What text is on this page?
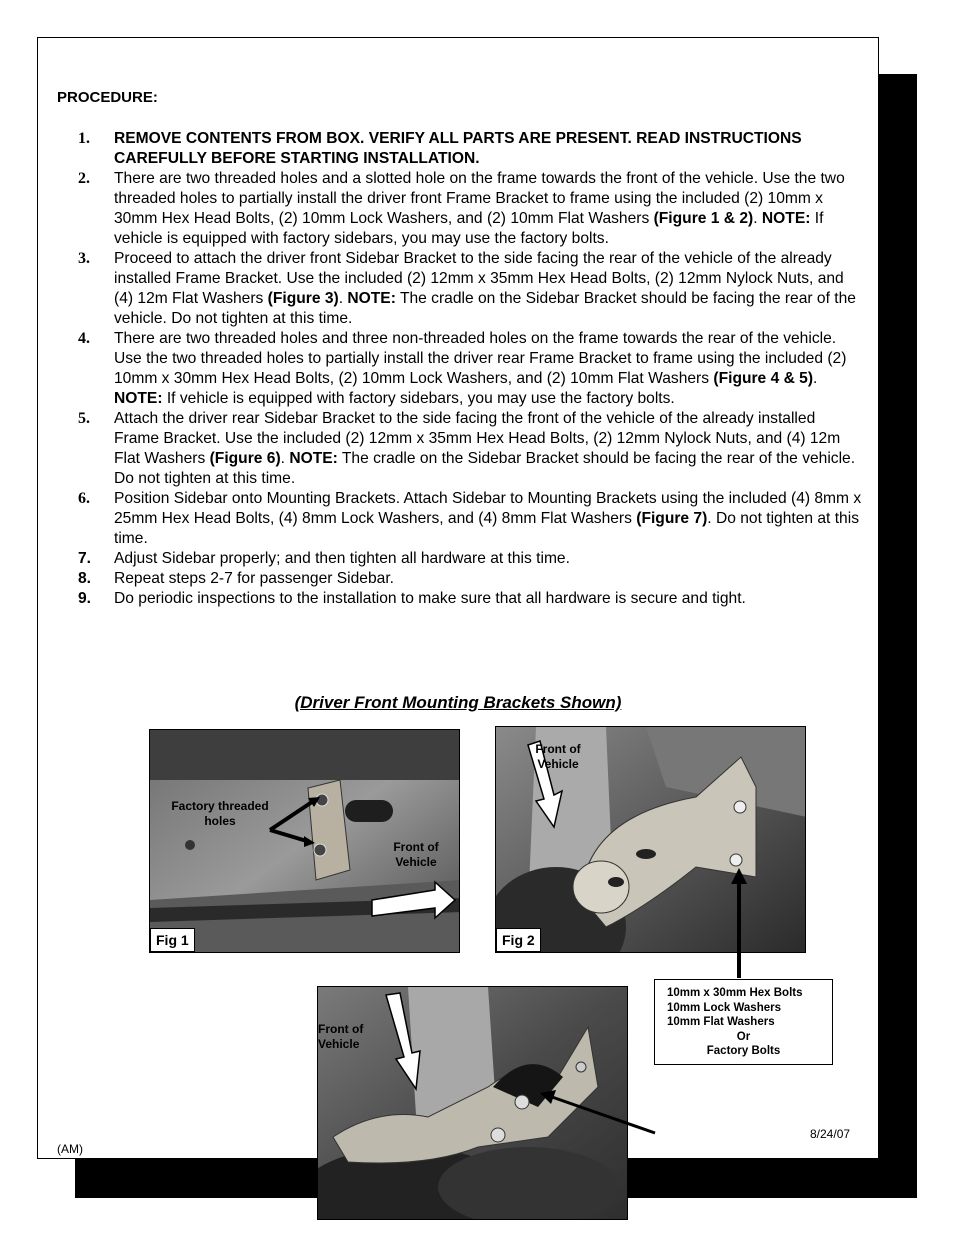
PROCEDURE:
1.	REMOVE CONTENTS FROM BOX. VERIFY ALL PARTS ARE PRESENT. READ INSTRUCTIONS CAREFULLY BEFORE STARTING INSTALLATION.
2.	There are two threaded holes and a slotted hole on the frame towards the front of the vehicle. Use the two threaded holes to partially install the driver front Frame Bracket to frame using the included (2) 10mm x 30mm Hex Head Bolts, (2) 10mm Lock Washers, and (2) 10mm Flat Washers (Figure 1 & 2). NOTE: If vehicle is equipped with factory sidebars, you may use the factory bolts.
3.	Proceed to attach the driver front Sidebar Bracket to the side facing the rear of the vehicle of the already installed Frame Bracket. Use the included (2) 12mm x 35mm Hex Head Bolts, (2) 12mm Nylock Nuts, and (4) 12m Flat Washers (Figure 3). NOTE: The cradle on the Sidebar Bracket should be facing the rear of the vehicle. Do not tighten at this time.
4.	There are two threaded holes and three non-threaded holes on the frame towards the rear of the vehicle. Use the two threaded holes to partially install the driver rear Frame Bracket to frame using the included (2) 10mm x 30mm Hex Head Bolts, (2) 10mm Lock Washers, and (2) 10mm Flat Washers (Figure 4 & 5). NOTE: If vehicle is equipped with factory sidebars, you may use the factory bolts.
5.	Attach the driver rear Sidebar Bracket to the side facing the front of the vehicle of the already installed Frame Bracket. Use the included (2) 12mm x 35mm Hex Head Bolts, (2) 12mm Nylock Nuts, and (4) 12m Flat Washers (Figure 6). NOTE: The cradle on the Sidebar Bracket should be facing the rear of the vehicle. Do not tighten at this time.
6.	Position Sidebar onto Mounting Brackets. Attach Sidebar to Mounting Brackets using the included (4) 8mm x 25mm Hex Head Bolts, (4) 8mm Lock Washers, and (4) 8mm Flat Washers (Figure 7). Do not tighten at this time.
7.	Adjust Sidebar properly; and then tighten all hardware at this time.
8.	Repeat steps 2-7 for passenger Sidebar.
9.	Do periodic inspections to the installation to make sure that all hardware is secure and tight.
(Driver Front Mounting Brackets Shown)
(AM)
8/24/07
Factory threaded holes
Front of Vehicle
Fig 1
Front of Vehicle
Fig 2
Front of Vehicle
10mm x 30mm Hex Bolts
10mm Lock Washers
10mm Flat Washers
Or
Factory Bolts
